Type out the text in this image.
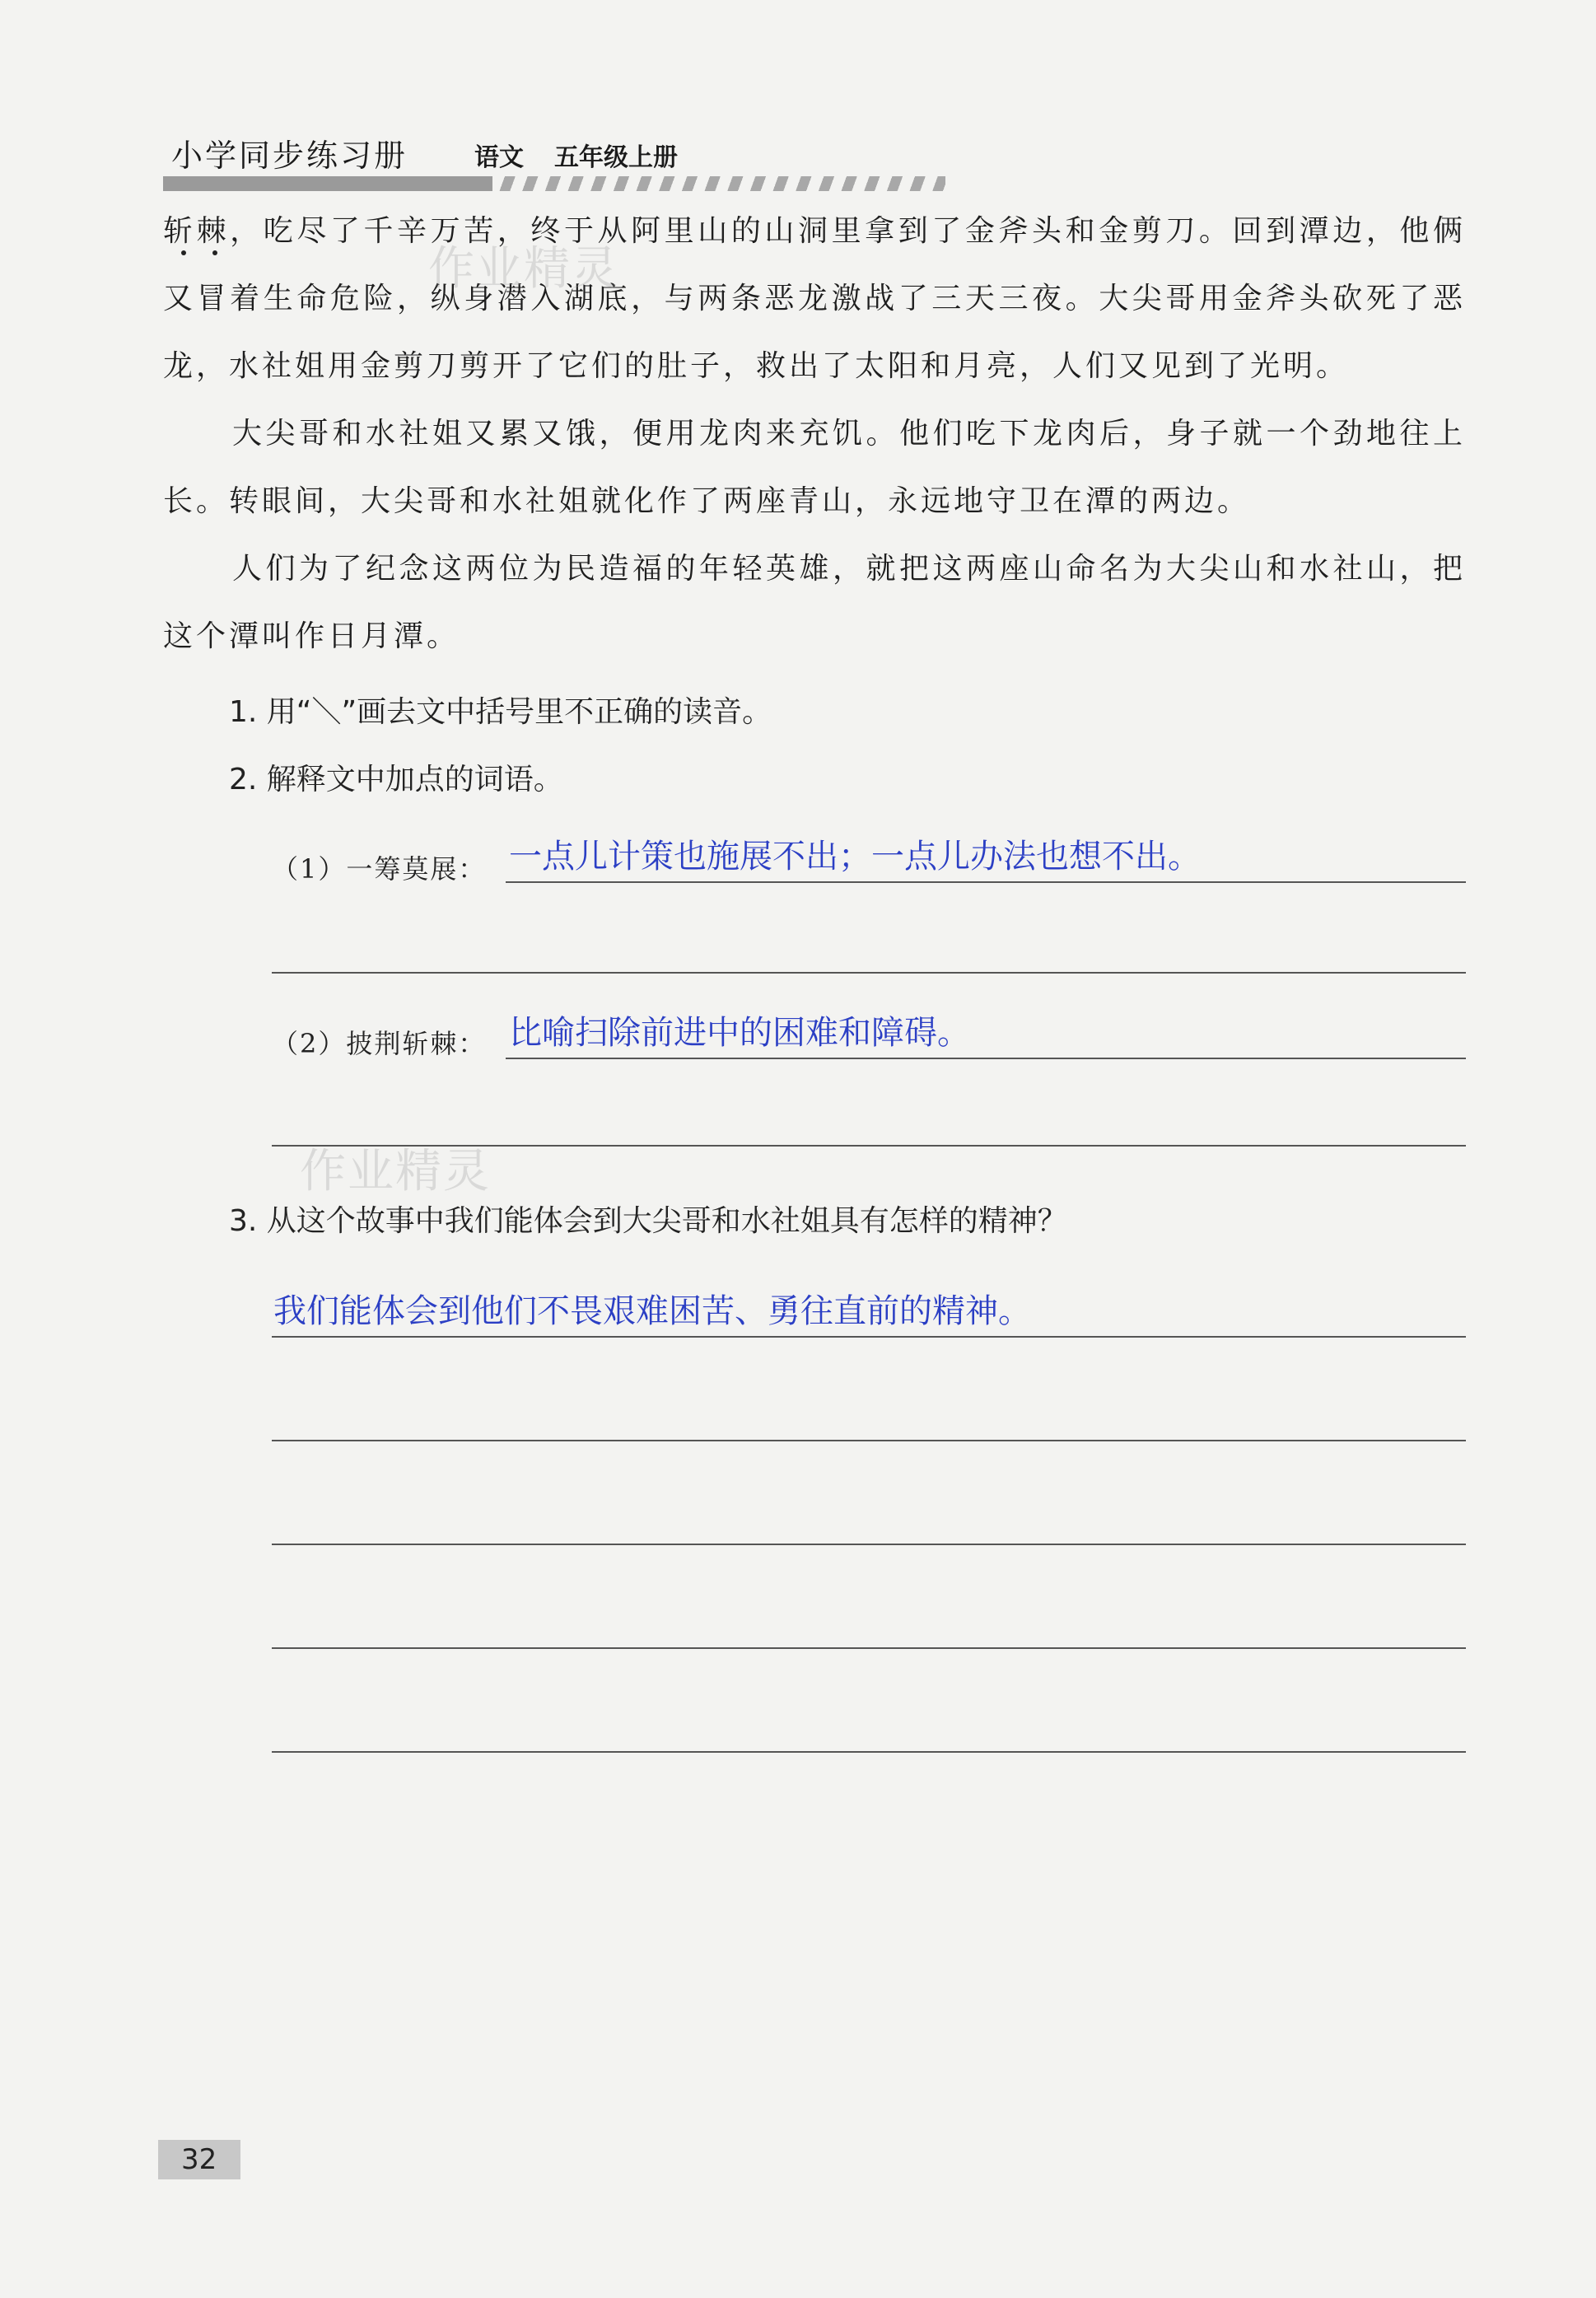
小学同步练习册	语文 五年级上册

斩棘，吃尽了千辛万苦，终于从阿里山的山洞里拿到了金斧头和金剪刀。回到潭边，他俩又冒着生命危险，纵身潜入湖底，与两条恶龙激战了三天三夜。大尖哥用金斧头砍死了恶龙，水社姐用金剪刀剪开了它们的肚子，救出了太阳和月亮，人们又见到了光明。

大尖哥和水社姐又累又饿，便用龙肉来充饥。他们吃下龙肉后，身子就一个劲地往上长。转眼间，大尖哥和水社姐就化作了两座青山，永远地守卫在潭的两边。

人们为了纪念这两位为民造福的年轻英雄，就把这两座山命名为大尖山和水社山，把这个潭叫作日月潭。

作业精灵
作业精灵
1. 用“＼”画去文中括号里不正确的读音。
2. 解释文中加点的词语。
（1）一筹莫展： 一点儿计策也施展不出；一点儿办法也想不出。
（2）披荆斩棘： 比喻扫除前进中的困难和障碍。
3. 从这个故事中我们能体会到大尖哥和水社姐具有怎样的精神？
我们能体会到他们不畏艰难困苦、勇往直前的精神。
32
